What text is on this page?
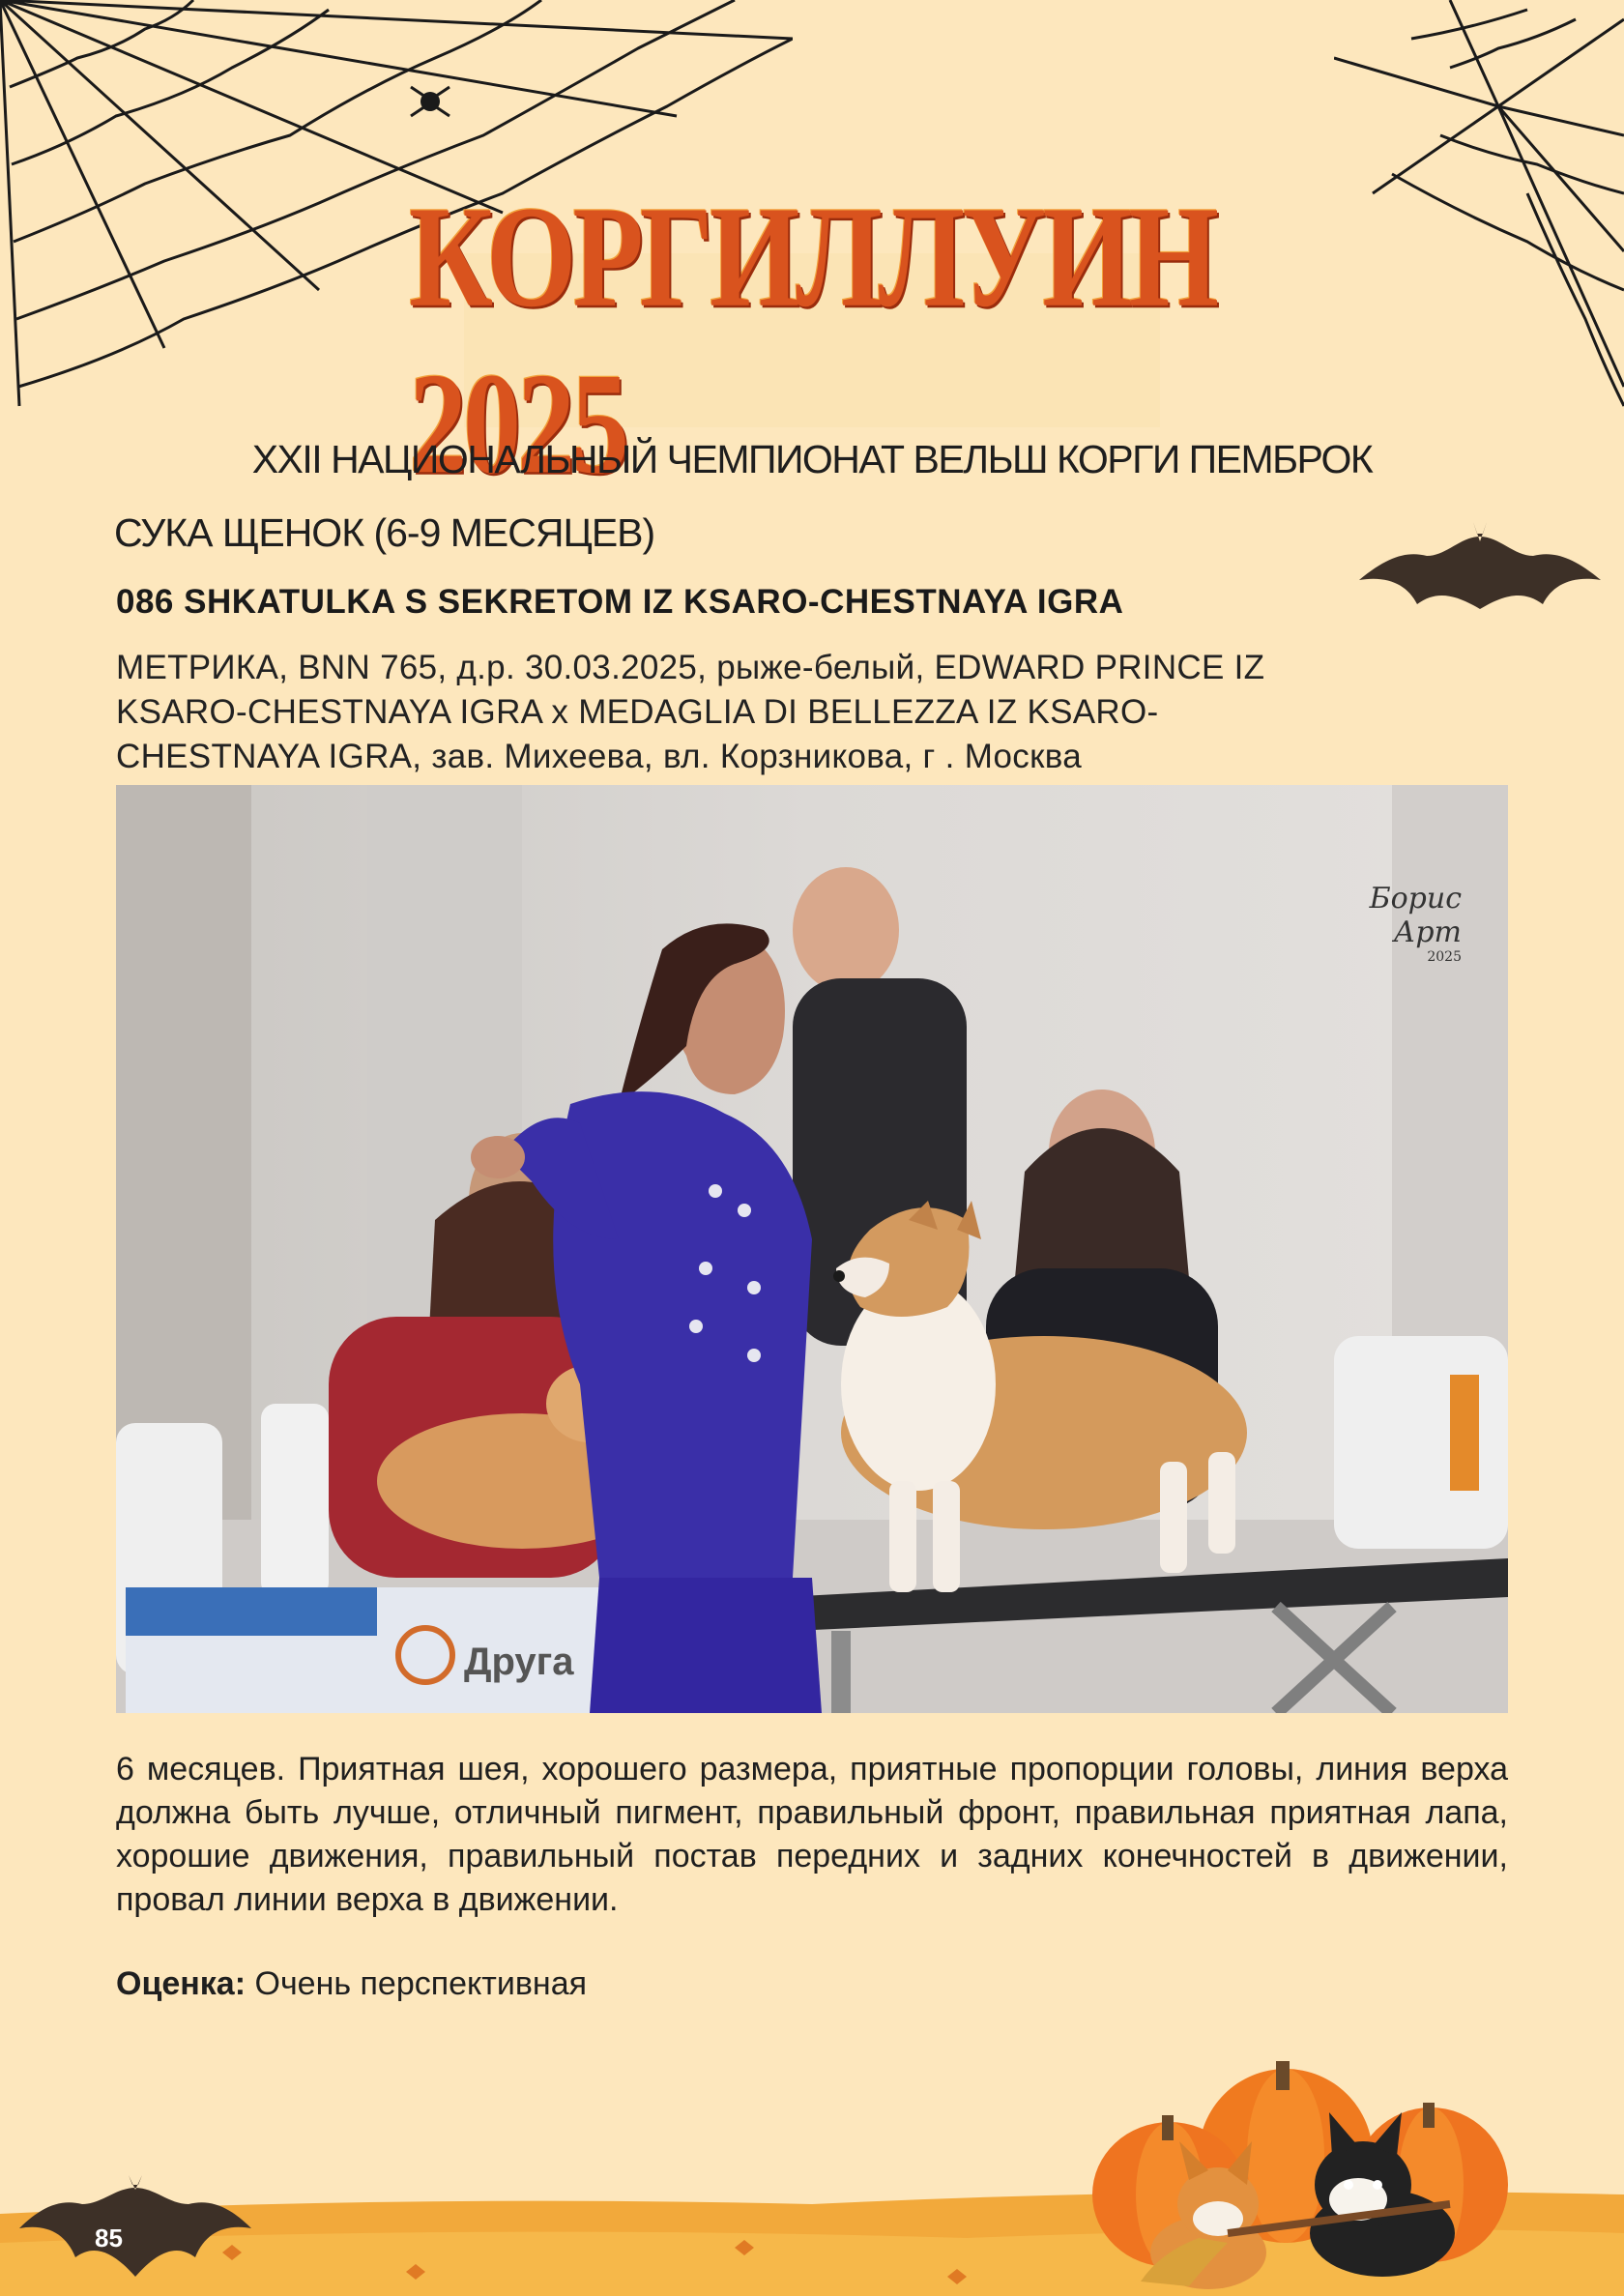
КОРГИЛЛУИН 2025
XXII НАЦИОНАЛЬНЫЙ ЧЕМПИОНАТ ВЕЛЬШ КОРГИ ПЕМБРОК
СУКА ЩЕНОК (6-9 МЕСЯЦЕВ)
086 SHKATULKA S SEKRETOM IZ KSARO-CHESTNAYA IGRA
МЕТРИКА, BNN 765, д.р. 30.03.2025, рыже-белый, EDWARD PRINCE IZ
KSARO-CHESTNAYA IGRA x MEDAGLIA DI BELLEZZA IZ KSARO-
CHESTNAYA IGRA, зав. Михеева, вл. Корзникова, г . Москва
Друга
Борис Арт
2025
6 месяцев. Приятная шея, хорошего размера, приятные пропорции головы, линия верха должна быть лучше, отличный пигмент, правильный фронт, правильная приятная лапа, хорошие движения, правильный постав передних и задних конечностей в движении, провал линии верха в движении.
Оценка: Очень перспективная
85
